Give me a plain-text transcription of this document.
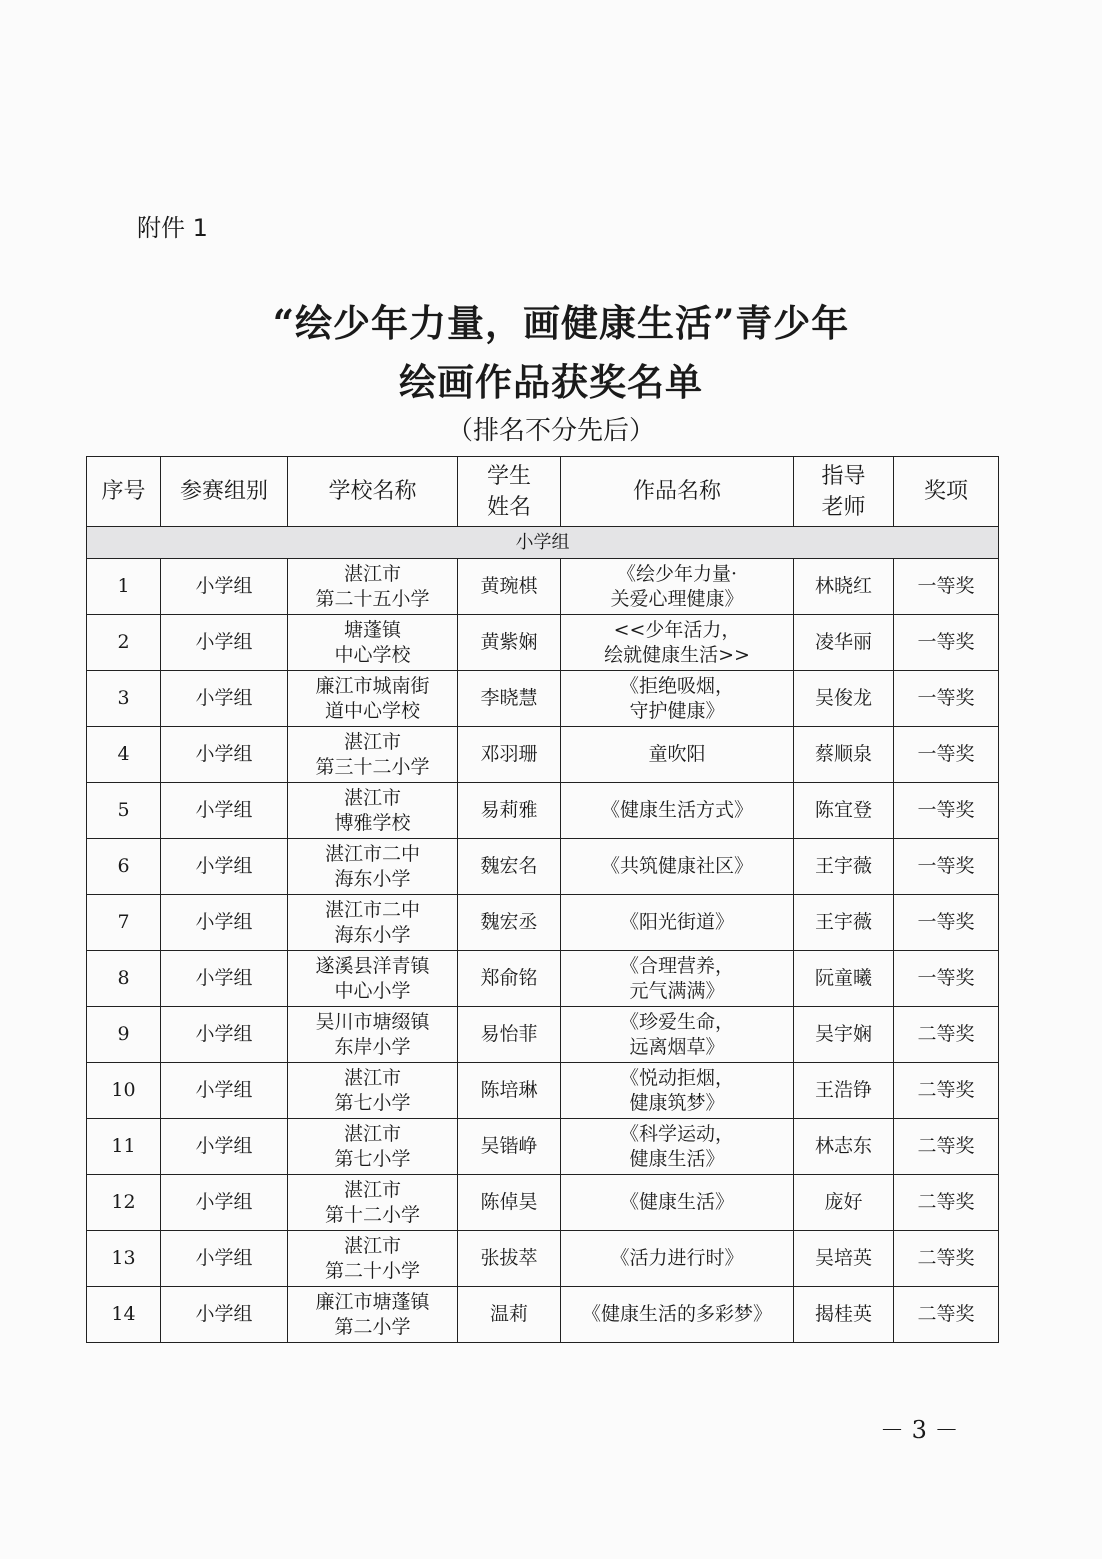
附件 1
“绘少年力量，画健康生活”青少年
绘画作品获奖名单
（排名不分先后）
序号	参赛组别	学校名称	学生
姓名	作品名称	指导
老师	奖项
小学组						
1	小学组	湛江市
第二十五小学	黄琬棋	《绘少年力量·
关爱心理健康》	林晓红	一等奖
2	小学组	塘蓬镇
中心学校	黄紫娴	<<少年活力，
绘就健康生活>>	凌华丽	一等奖
3	小学组	廉江市城南街
道中心学校	李晓慧	《拒绝吸烟，
守护健康》	吴俊龙	一等奖
4	小学组	湛江市
第三十二小学	邓羽珊	童吹阳	蔡顺泉	一等奖
5	小学组	湛江市
博雅学校	易莉雅	《健康生活方式》	陈宜登	一等奖
6	小学组	湛江市二中
海东小学	魏宏名	《共筑健康社区》	王宇薇	一等奖
7	小学组	湛江市二中
海东小学	魏宏丞	《阳光街道》	王宇薇	一等奖
8	小学组	遂溪县洋青镇
中心小学	郑俞铭	《合理营养，
元气满满》	阮童曦	一等奖
9	小学组	吴川市塘缀镇
东岸小学	易怡菲	《珍爱生命，
远离烟草》	吴宇娴	二等奖
10	小学组	湛江市
第七小学	陈培琳	《悦动拒烟，
健康筑梦》	王浩铮	二等奖
11	小学组	湛江市
第七小学	吴锴峥	《科学运动，
健康生活》	林志东	二等奖
12	小学组	湛江市
第十二小学	陈倬昊	《健康生活》	庞好	二等奖
13	小学组	湛江市
第二十小学	张拔萃	《活力进行时》	吴培英	二等奖
14	小学组	廉江市塘蓬镇
第二小学	温莉	《健康生活的多彩梦》	揭桂英	二等奖
－ 3 －
